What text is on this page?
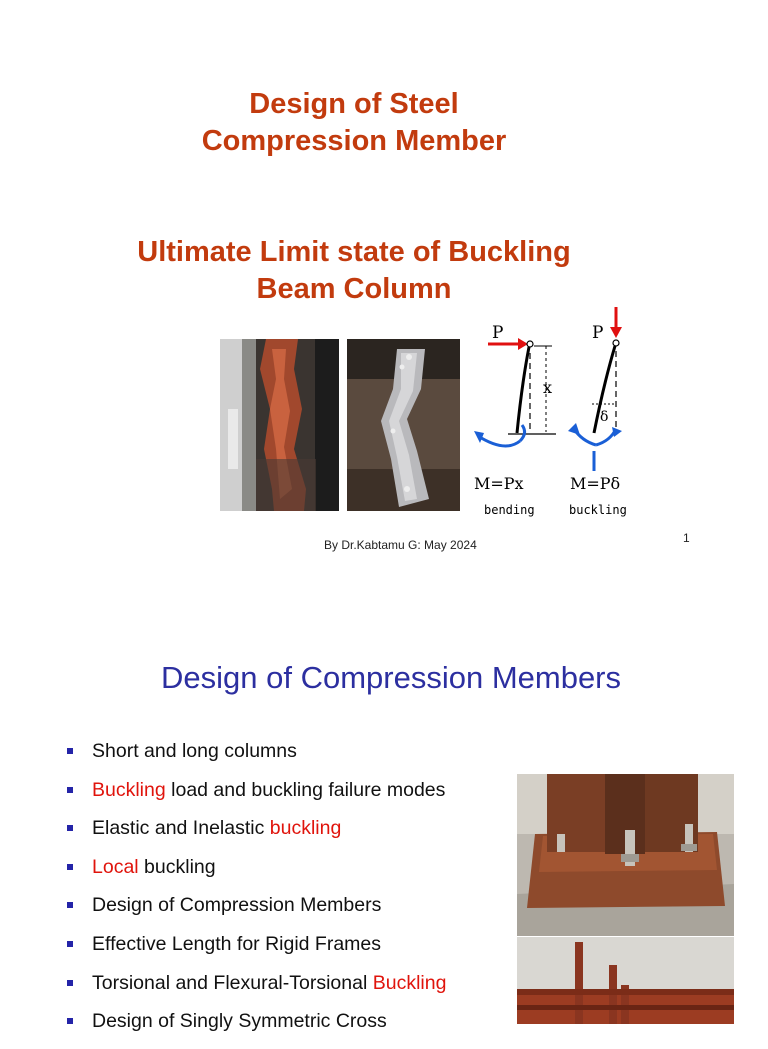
Design of Steel
Compression Member
Ultimate Limit state of Buckling
Beam Column
P
x
M=Px
bending
P
δ
M=Pδ
buckling
By Dr.Kabtamu G: May 2024	1
Design of Compression Members
Short and long columns
Buckling load and buckling failure modes
Elastic and Inelastic buckling
Local buckling
Design of Compression Members
Effective Length for Rigid Frames
Torsional and Flexural-Torsional Buckling
Design of Singly Symmetric Cross
